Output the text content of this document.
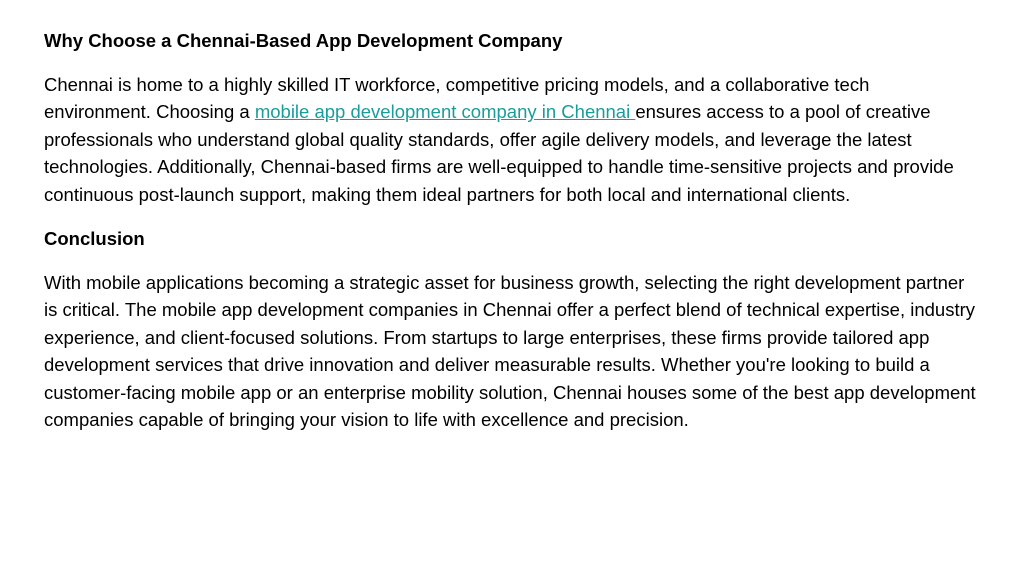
Why Choose a Chennai-Based App Development Company
Chennai is home to a highly skilled IT workforce, competitive pricing models, and a collaborative tech environment. Choosing a mobile app development company in Chennai ensures access to a pool of creative professionals who understand global quality standards, offer agile delivery models, and leverage the latest technologies. Additionally, Chennai-based firms are well-equipped to handle time-sensitive projects and provide continuous post-launch support, making them ideal partners for both local and international clients.
Conclusion
With mobile applications becoming a strategic asset for business growth, selecting the right development partner is critical. The mobile app development companies in Chennai offer a perfect blend of technical expertise, industry experience, and client-focused solutions. From startups to large enterprises, these firms provide tailored app development services that drive innovation and deliver measurable results. Whether you're looking to build a customer-facing mobile app or an enterprise mobility solution, Chennai houses some of the best app development companies capable of bringing your vision to life with excellence and precision.
